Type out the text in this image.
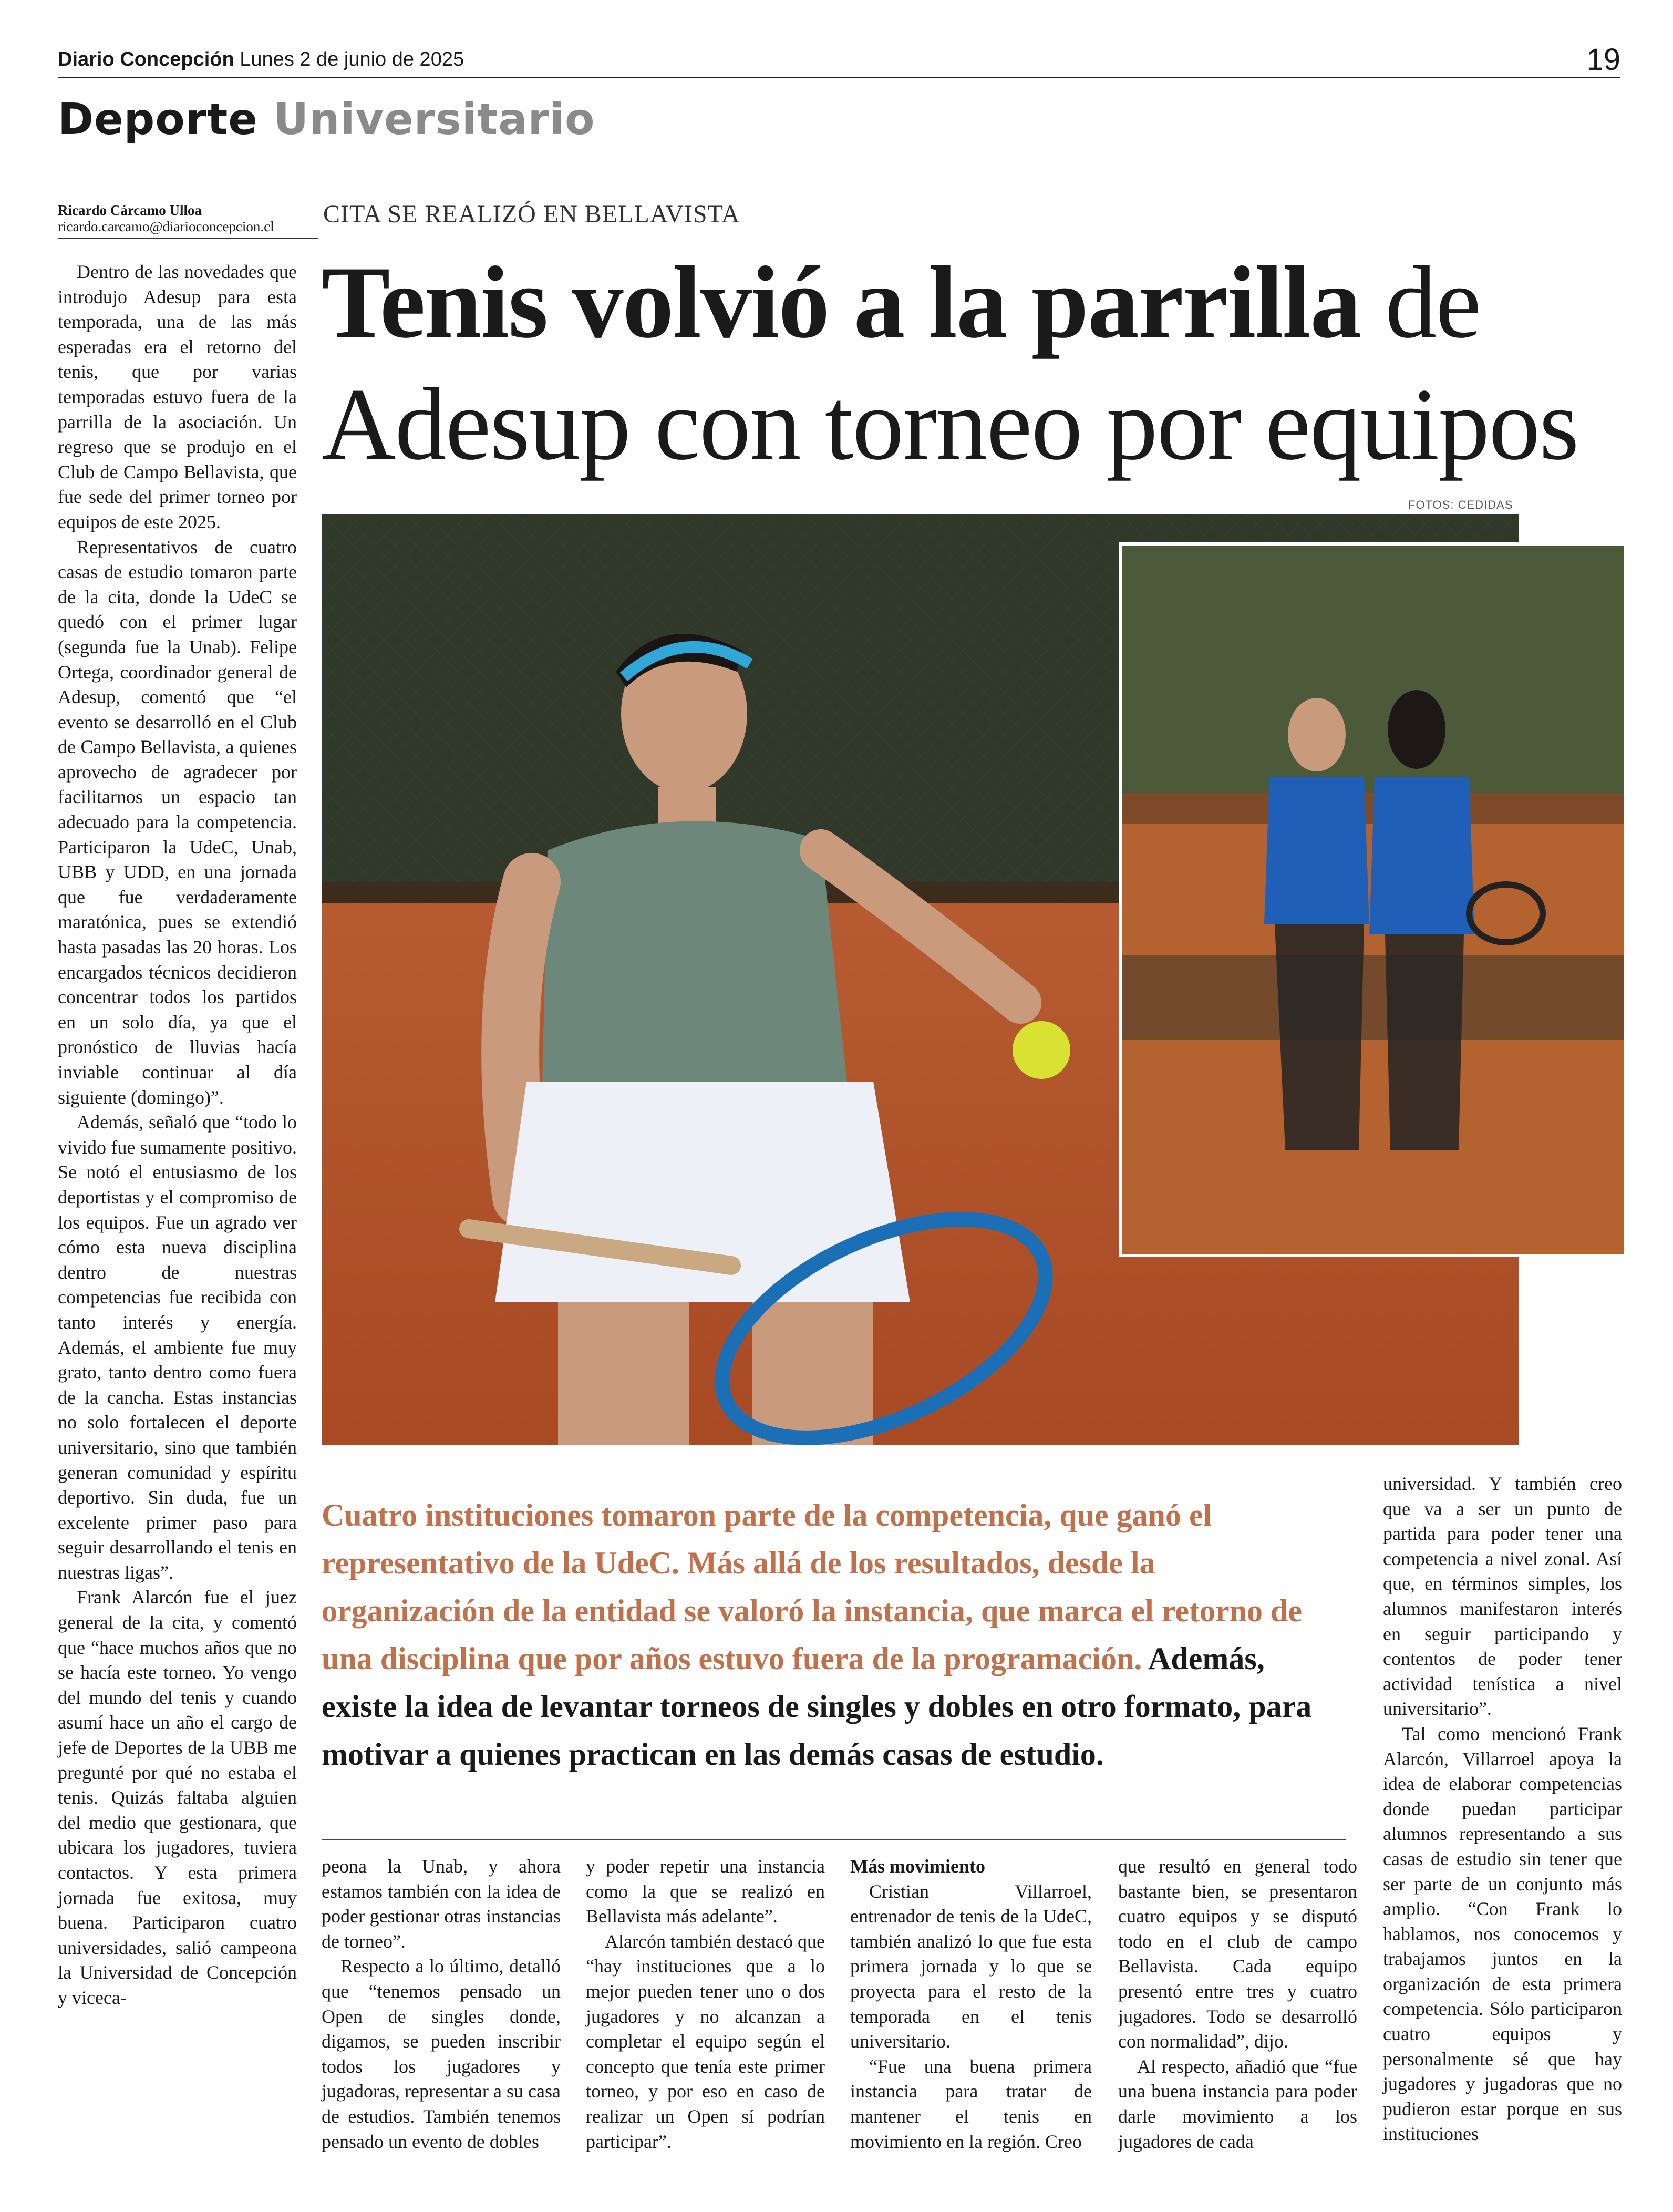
Diario Concepción Lunes 2 de junio de 2025	19
Deporte Universitario
Ricardo Cárcamo Ulloa
ricardo.carcamo@diarioconcepcion.cl	CITA SE REALIZÓ EN BELLAVISTA
Tenis volvió a la parrilla de
Adesup con torneo por equipos
FOTOS: CEDIDAS

Dentro de las novedades que introdujo Adesup para esta temporada, una de las más esperadas era el retorno del tenis, que por varias temporadas estuvo fuera de la parrilla de la asociación. Un regreso que se produjo en el Club de Campo Bellavista, que fue sede del primer torneo por equipos de este 2025.

Representativos de cuatro casas de estudio tomaron parte de la cita, donde la UdeC se quedó con el primer lugar (segunda fue la Unab). Felipe Ortega, coordinador general de Adesup, comentó que “el evento se desarrolló en el Club de Campo Bellavista, a quienes aprovecho de agradecer por facilitarnos un espacio tan adecuado para la competencia. Participaron la UdeC, Unab, UBB y UDD, en una jornada que fue verdaderamente maratónica, pues se extendió hasta pasadas las 20 horas. Los encargados técnicos decidieron concentrar todos los partidos en un solo día, ya que el pronóstico de lluvias hacía inviable continuar al día siguiente (domingo)”.

Además, señaló que “todo lo vivido fue sumamente positivo. Se notó el entusiasmo de los deportistas y el compromiso de los equipos. Fue un agrado ver cómo esta nueva disciplina dentro de nuestras competencias fue recibida con tanto interés y energía. Además, el ambiente fue muy grato, tanto dentro como fuera de la cancha. Estas instancias no solo fortalecen el deporte universitario, sino que también generan comunidad y espíritu deportivo. Sin duda, fue un excelente primer paso para seguir desarrollando el tenis en nuestras ligas”.

Frank Alarcón fue el juez general de la cita, y comentó que “hace muchos años que no se hacía este torneo. Yo vengo del mundo del tenis y cuando asumí hace un año el cargo de jefe de Deportes de la UBB me pregunté por qué no estaba el tenis. Quizás faltaba alguien del medio que gestionara, que ubicara los jugadores, tuviera contactos. Y esta primera jornada fue exitosa, muy buena. Participaron cuatro universidades, salió campeona la Universidad de Concepción y viceca-

Cuatro instituciones tomaron parte de la competencia, que ganó el representativo de la UdeC. Más allá de los resultados, desde la organización de la entidad se valoró la instancia, que marca el retorno de una disciplina que por años estuvo fuera de la programación. Además, existe la idea de levantar torneos de singles y dobles en otro formato, para motivar a quienes practican en las demás casas de estudio.

peona la Unab, y ahora estamos también con la idea de poder gestionar otras instancias de torneo”.

Respecto a lo último, detalló que “tenemos pensado un Open de singles donde, digamos, se pueden inscribir todos los jugadores y jugadoras, representar a su casa de estudios. También tenemos pensado un evento de dobles

y poder repetir una instancia como la que se realizó en Bellavista más adelante”.

Alarcón también destacó que “hay instituciones que a lo mejor pueden tener uno o dos jugadores y no alcanzan a completar el equipo según el concepto que tenía este primer torneo, y por eso en caso de realizar un Open sí podrían participar”.

Más movimiento

Cristian Villarroel, entrenador de tenis de la UdeC, también analizó lo que fue esta primera jornada y lo que se proyecta para el resto de la temporada en el tenis universitario.

“Fue una buena primera instancia para tratar de mantener el tenis en movimiento en la región. Creo

que resultó en general todo bastante bien, se presentaron cuatro equipos y se disputó todo en el club de campo Bellavista. Cada equipo presentó entre tres y cuatro jugadores. Todo se desarrolló con normalidad”, dijo.

Al respecto, añadió que “fue una buena instancia para poder darle movimiento a los jugadores de cada

universidad. Y también creo que va a ser un punto de partida para poder tener una competencia a nivel zonal. Así que, en términos simples, los alumnos manifestaron interés en seguir participando y contentos de poder tener actividad tenística a nivel universitario”.

Tal como mencionó Frank Alarcón, Villarroel apoya la idea de elaborar competencias donde puedan participar alumnos representando a sus casas de estudio sin tener que ser parte de un conjunto más amplio. “Con Frank lo hablamos, nos conocemos y trabajamos juntos en la organización de esta primera competencia. Sólo participaron cuatro equipos y personalmente sé que hay jugadores y jugadoras que no pudieron estar porque en sus instituciones
